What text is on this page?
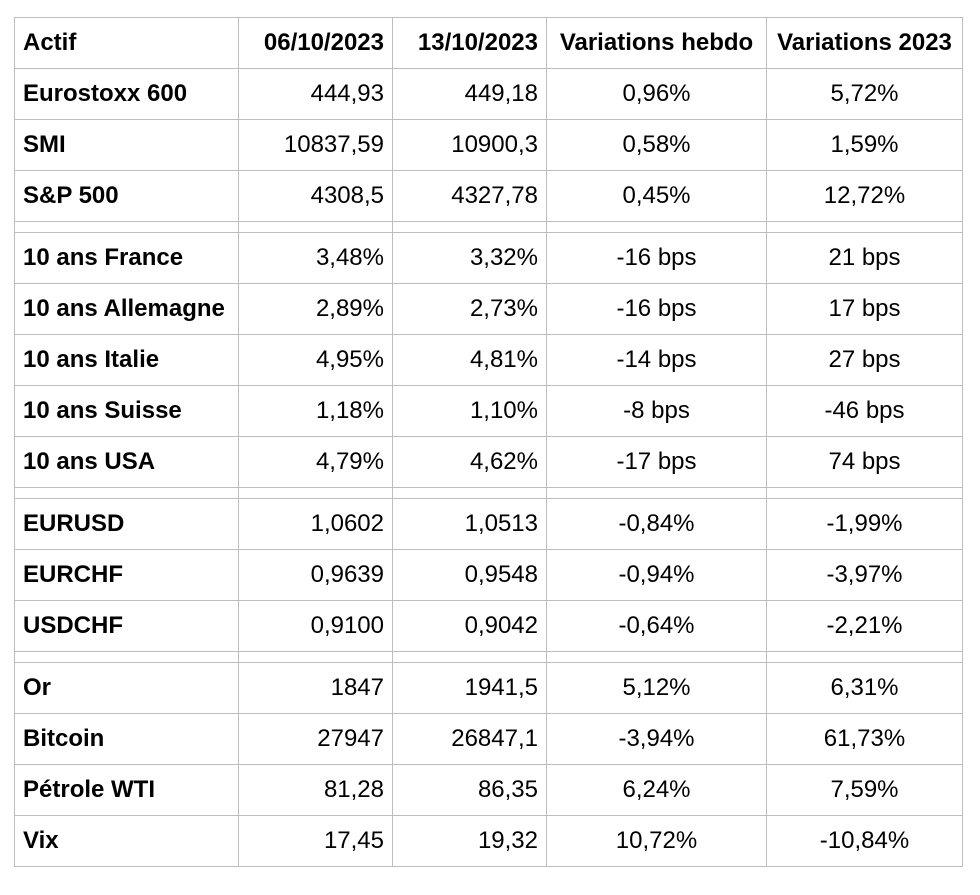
Actif	06/10/2023	13/10/2023	Variations hebdo	Variations 2023
Eurostoxx 600	444,93	449,18	0,96%	5,72%
SMI	10837,59	10900,3	0,58%	1,59%
S&P 500	4308,5	4327,78	0,45%	12,72%

10 ans France	3,48%	3,32%	-16 bps	21 bps
10 ans Allemagne	2,89%	2,73%	-16 bps	17 bps
10 ans Italie	4,95%	4,81%	-14 bps	27 bps
10 ans Suisse	1,18%	1,10%	-8 bps	-46 bps
10 ans USA	4,79%	4,62%	-17 bps	74 bps

EURUSD	1,0602	1,0513	-0,84%	-1,99%
EURCHF	0,9639	0,9548	-0,94%	-3,97%
USDCHF	0,9100	0,9042	-0,64%	-2,21%

Or	1847	1941,5	5,12%	6,31%
Bitcoin	27947	26847,1	-3,94%	61,73%
Pétrole WTI	81,28	86,35	6,24%	7,59%
Vix	17,45	19,32	10,72%	-10,84%
